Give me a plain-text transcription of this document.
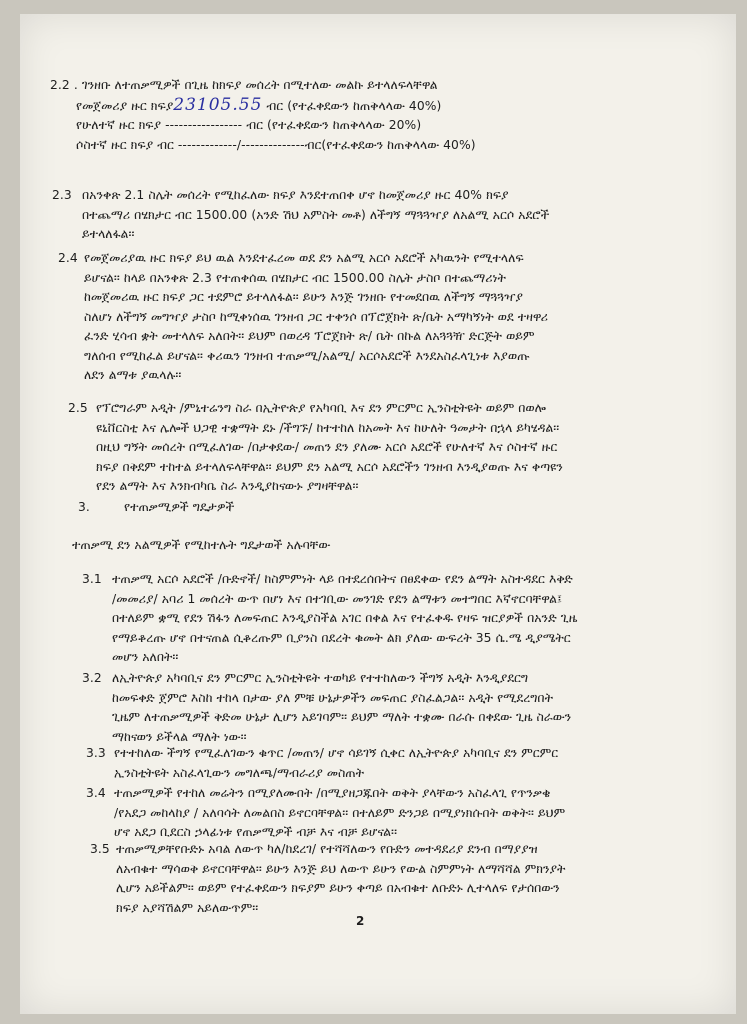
2.2 . ገንዘቡ ለተጠቃሚዎች በጊዜ ከክፍያ መሰረት በሚተለው መልኩ ይተላለፍላቸዋል
የመጀመሪያ ዙር ክፍያ23105.55 ብር (የተፈቀደውን ከጠቅላላው 40%)
የሁለተኛ ዙር ክፍያ ----------------- ብር (የተፈቀደውን ከጠቅላላው 20%)
ሶስተኛ ዙር ክፍያ ብር -------------/--------------ብር(የተፈቀደውን ከጠቅላላው 40%)
2.3 በአንቀጽ 2.1 ስሌት መሰረት የሚከፈለው ክፍያ እንደተጠበቀ ሆኖ ከመጀመሪያ ዙር 40% ክፍያ
በተጨማሪ በሄክታር ብር 1500.00 (አንድ ሽህ አምስት መቶ) ለችግኝ ማጓጓዣያ ለአልሚ አርሶ አደሮች
ይተላለፋል፡፡
2.4 የመጀመሪያዉ ዙር ክፍያ ይህ ዉል እንደተፈረመ ወደ ደን አልሚ አርሶ አደሮች አካዉንት የሚተላለፍ
ይሆናል፡፡ ከላይ በአንቀጽ 2.3 የተጠቀሰዉ በሄክታር ብር 1500.00 ስሌት ታስቦ በተጨማሪነት
ከመጀመሪዉ ዙር ክፍያ ጋር ተደምሮ ይተላለፋል፡፡ ይሁን እንጅ ገንዘቡ የተመደበዉ ለችግኝ ማጓጓዣያ
ስለሆነ ለችግኝ መግዣያ ታስቦ ከሚቀነሰዉ ገንዘብ ጋር ተቀንሶ በፕሮጀክት ጽ/ቤት አማካኝነት ወደ ተዛዋሪ
ፈንድ ሂሳብ ቋት መተላለፍ አለበት፡፡ ይህም በወረዳ ፕሮጀክት ጽ/ ቤት በኩል ለአጓጓዥ ድርጅት ወይም
ግለሰብ የሚከፈል ይሆናል፡፡ ቀሪዉን ገንዘብ ተጠቃሚ/አልሚ/ አርሶአደሮች እንደአስፈላጊነቱ እያወጡ
ለደን ልማቱ ያዉላሉ፡፡
2.5 የፕሮግራም አዲት /ምኒተሬንግ ስራ በኢትዮጵያ የአካባቢ እና ደን ምርምር ኢንስቲትዩት ወይም በወሎ
ዩኒቨርስቲ እና ሌሎች ህጋዊ ተቋማት ደኑ /ችግኙ/ ከተተከለ ከአመት እና ከሁለት ዓመታት በኋላ ይካሄዳል፡፡
በዚህ ግኝት መሰረት በሚፈለገው /በታቀደው/ መጠን ደን ያለሙ አርሶ አደሮች የሁለተኛ እና ሶስተኛ ዙር
ክፍያ በቅደም ተከተል ይተላለፍላቸዋል፡፡ ይህም ደን አልሚ አርሶ አደሮችን ገንዘብ እንዲያወጡ እና ቀጣዩን
የደን ልማት እና እንክብካቤ ስራ እንዲያከናውኑ ያግዛቸዋል፡፡
3.	የተጠቃሚዎች ግዴታዎች
ተጠቃሚ ደን አልሚዎች የሚከተሉት ግዴታወች አሉባቸው
3.1 ተጠቃሚ አርሶ አደሮች /ቡድኖች/ ከስምምነት ላይ በተደረሰበትና በፀደቀው የደን ልማት አስተዳደር እቅድ
/መመሪያ/ አባሪ 1 መሰረት ውጥ በሆነ እና በተገቢው መንገድ የደን ልማቱን መተግበር እኛኖርባቸዋል፤
በተለይም ቋሚ የደን ሽፋን ለመፍጠር እንዲያስችል አገር በቀል እና የተፈቀዱ የዛፍ ዝርያዎች በአንድ ጊዜ
የማይቆረጡ ሆኖ በተናጠል ሲቆረጡም ቢያንስ በደረት ቁመት ልክ ያለው ውፍረት 35 ሴ.ሜ ዲያሜትር
መሆን አለበት፡፡
3.2 ለኢትዮጵያ አካባቢና ደን ምርምር ኢንስቲትዩት ተወካይ የተተከለውን ችግኝ አዲት እንዲያደርግ
ከመፍቀድ ጀምሮ እስከ ተከላ በታው ያለ ምቹ ሁኔታዎችን መፍጠር ያስፈልጋል፡፡ አዲት የሚደረግበት
ጊዜም ለተጠቃሚዎች ቅድመ ሁኔታ ሊሆን አይገባም፡፡ ይህም ማለት ተቋሙ በራሱ በቀደው ጊዜ ስራውን
ማከናወን ይችላል ማለት ነው፡፡
3.3 የተተከለው ችግኝ የሚፈለገውን ቁጥር /መጠን/ ሆኖ ሳይገኝ ሲቀር ለኢትዮጵያ አካባቢና ደን ምርምር
ኢንስቲትዩት አስፈላጊውን መግለጫ/ማብራሪያ መስጠት
3.4 ተጠቃሚዎች የተከለ መሬትን በሚያለሙበት /በሚያዘጋጁበት ወቅት ያላቸውን አስፈላጊ የጥንቃቄ
/የአደጋ መከላከያ / አለባሳት ለመልበስ ይኖርባቸዋል፡፡ በተለይም ድንጋይ በሚያነክሱበት ወቅት፡፡ ይህም
ሆኖ አደጋ ቢደርስ ኃላፊነቱ የጠቃሚዎች ብቻ እና ብቻ ይሆናል፡፡
3.5 ተጠቃሚዎቸየቡድኑ አባል ለውጥ ካለ/ከደረገ/ የተሻሻለውን የቡድን መተዳደሪያ ደንብ በማያያዝ
ለአብቁተ ማሳወቅ ይኖርባቸዋል፡፡ ይሁን እንጅ ይህ ለውጥ ይሁን የውል ስምምነት ለማሻሻል ምክንያት
ሊሆን አይችልም፡፡ ወይም የተፈቀደውን ክፍያም ይሁን ቀጣይ በአብቁተ ለቡድኑ ሊተላለፍ የታሰበውን
ክፍያ አያሻሽልም አይለውጥም፡፡
2
